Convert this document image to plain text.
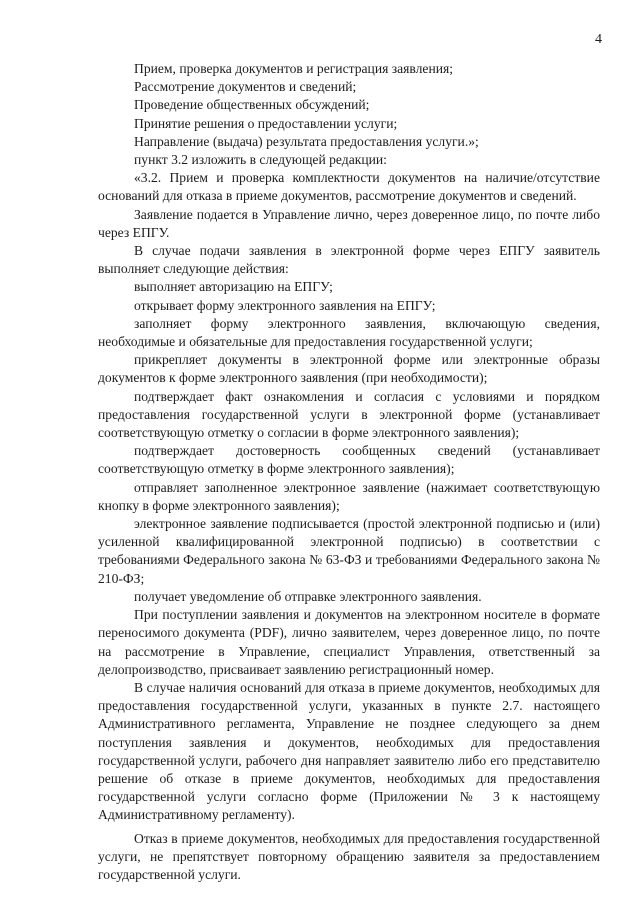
4

Прием, проверка документов и регистрация заявления;

Рассмотрение документов и сведений;

Проведение общественных обсуждений;

Принятие решения о предоставлении услуги;

Направление (выдача) результата предоставления услуги.»;

пункт 3.2 изложить в следующей редакции:

«3.2. Прием и проверка комплектности документов на наличие/отсутствие оснований для отказа в приеме документов, рассмотрение документов и сведений.

Заявление подается в Управление лично, через доверенное лицо, по почте либо через ЕПГУ.

В случае подачи заявления в электронной форме через ЕПГУ заявитель выполняет следующие действия:

выполняет авторизацию на ЕПГУ;

открывает форму электронного заявления на ЕПГУ;

заполняет форму электронного заявления, включающую сведения, необходимые и обязательные для предоставления государственной услуги;

прикрепляет документы в электронной форме или электронные образы документов к форме электронного заявления (при необходимости);

подтверждает факт ознакомления и согласия с условиями и порядком предоставления государственной услуги в электронной форме (устанавливает соответствующую отметку о согласии в форме электронного заявления);

подтверждает достоверность сообщенных сведений (устанавливает соответствующую отметку в форме электронного заявления);

отправляет заполненное электронное заявление (нажимает соответствующую кнопку в форме электронного заявления);

электронное заявление подписывается (простой электронной подписью и (или) усиленной квалифицированной электронной подписью) в соответствии с требованиями Федерального закона № 63-ФЗ и требованиями Федерального закона № 210-ФЗ;

получает уведомление об отправке электронного заявления.

При поступлении заявления и документов на электронном носителе в формате переносимого документа (PDF), лично заявителем, через доверенное лицо, по почте на рассмотрение в Управление, специалист Управления, ответственный за делопроизводство, присваивает заявлению регистрационный номер.

В случае наличия оснований для отказа в приеме документов, необходимых для предоставления государственной услуги, указанных в пункте 2.7. настоящего Административного регламента, Управление не позднее следующего за днем поступления заявления и документов, необходимых для предоставления государственной услуги, рабочего дня направляет заявителю либо его представителю решение об отказе в приеме документов, необходимых для предоставления государственной услуги согласно форме (Приложении № 3 к настоящему Административному регламенту).

Отказ в приеме документов, необходимых для предоставления государственной услуги, не препятствует повторному обращению заявителя за предоставлением государственной услуги.
